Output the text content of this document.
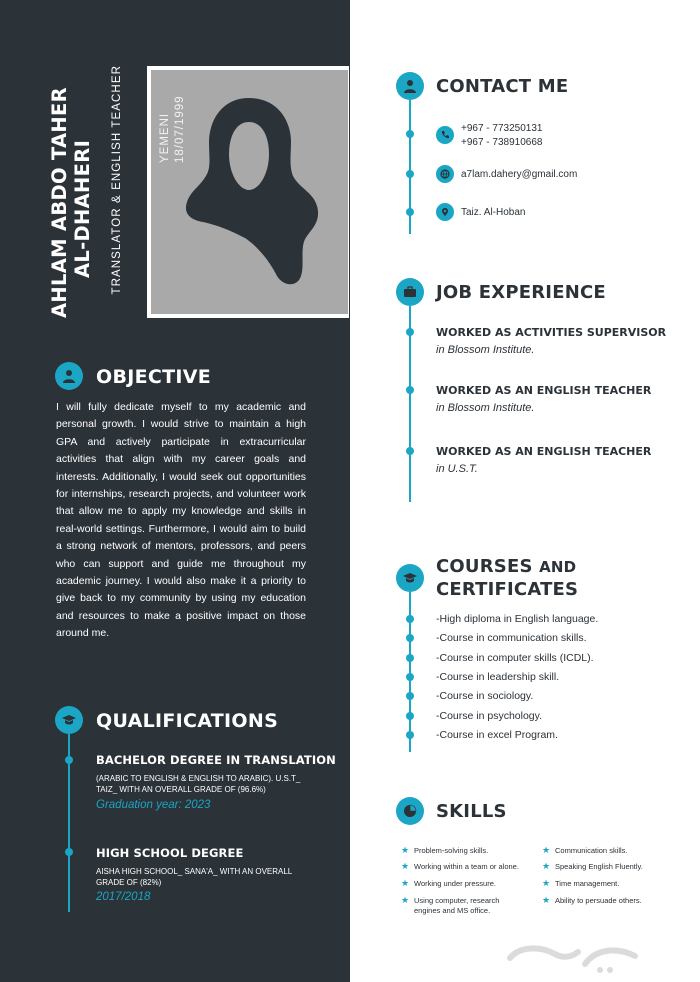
AHLAM ABDO TAHER AL-DHAHERI TRANSLATOR & ENGLISH TEACHER	YEMENI 18/07/1999
OBJECTIVE
I will fully dedicate myself to my academic and personal growth. I would strive to maintain a high GPA and actively participate in extracurricular activities that align with my career goals and interests. Additionally, I would seek out opportunities for internships, research projects, and volunteer work that allow me to apply my knowledge and skills in real-world settings. Furthermore, I would aim to build a strong network of mentors, professors, and peers who can support and guide me throughout my academic journey. I would also make it a priority to give back to my community by using my education and resources to make a positive impact on those around me.
QUALIFICATIONS
BACHELOR DEGREE IN TRANSLATION
(ARABIC TO ENGLISH & ENGLISH TO ARABIC). U.S.T_ TAIZ_ WITH AN OVERALL GRADE OF (96.6%)
Graduation year: 2023
HIGH SCHOOL DEGREE
AISHA HIGH SCHOOL_ SANA'A_ WITH AN OVERALL GRADE OF (82%)
2017/2018
CONTACT ME
+967 - 773250131
+967 - 738910668
a7lam.dahery@gmail.com
Taiz. Al-Hoban
JOB EXPERIENCE
WORKED AS ACTIVITIES SUPERVISOR
in Blossom Institute.
WORKED AS AN ENGLISH TEACHER
in Blossom Institute.
WORKED AS AN ENGLISH TEACHER
in U.S.T.
COURSES AND
CERTIFICATES
-High diploma in English language.
-Course in communication skills.
-Course in computer skills (ICDL).
-Course in leadership skill.
-Course in sociology.
-Course in psychology.
-Course in excel Program.
SKILLS
★ Problem-solving skills.
★ Working within a team or alone.
★ Working under pressure.
★ Using computer, research engines and MS office.
★ Communication skills.
★ Speaking English Fluently.
★ Time management.
★ Ability to persuade others.
